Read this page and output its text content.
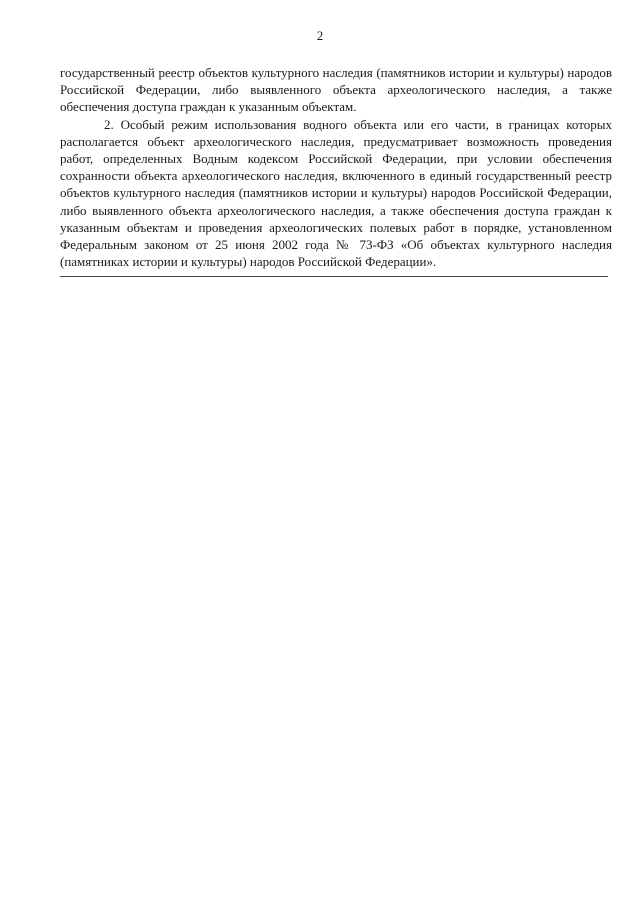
2

государственный реестр объектов культурного наследия (памятников истории и культуры) народов Российской Федерации, либо выявленного объекта археологического наследия, а также обеспечения доступа граждан к указанным объектам.

2. Особый режим использования водного объекта или его части, в границах которых располагается объект археологического наследия, предусматривает возможность проведения работ, определенных Водным кодексом Российской Федерации, при условии обеспечения сохранности объекта археологического наследия, включенного в единый государственный реестр объектов культурного наследия (памятников истории и культуры) народов Российской Федерации, либо выявленного объекта археологического наследия, а также обеспечения доступа граждан к указанным объектам и проведения археологических полевых работ в порядке, установленном Федеральным законом от 25 июня 2002 года № 73-ФЗ «Об объектах культурного наследия (памятниках истории и культуры) народов Российской Федерации».
